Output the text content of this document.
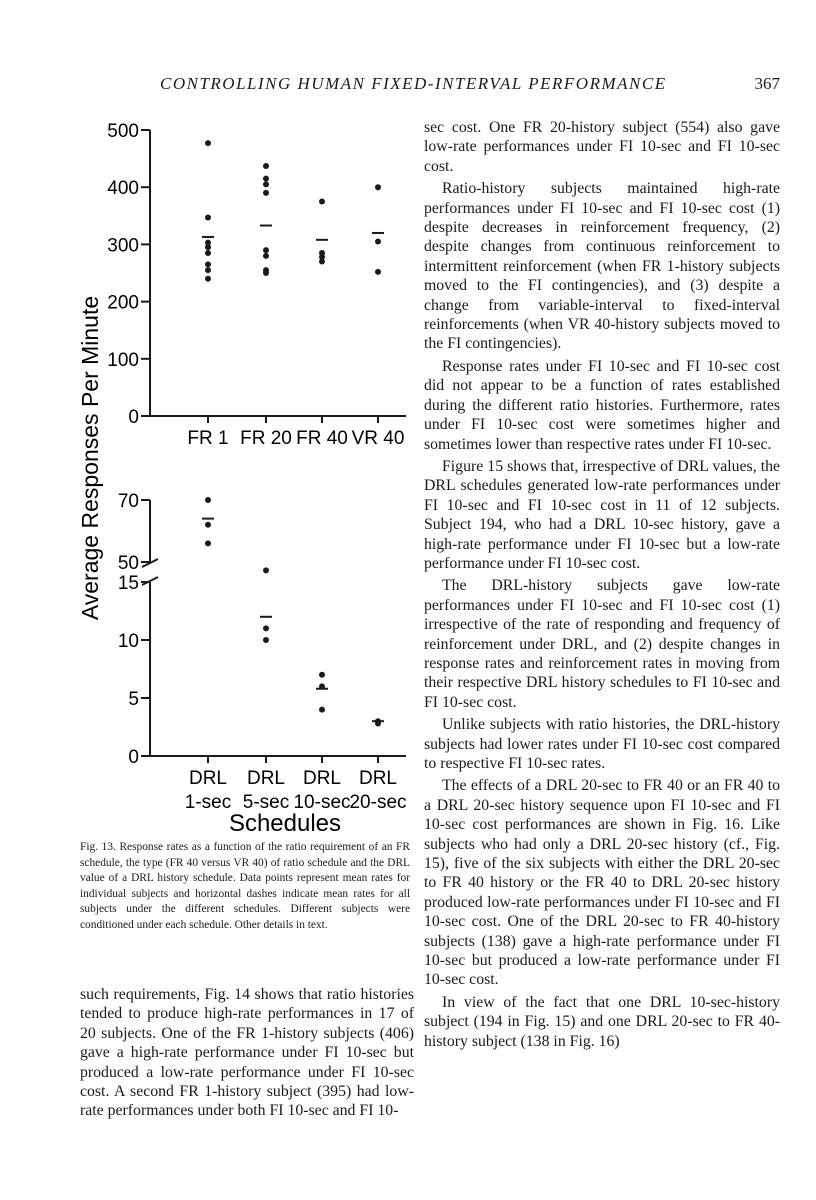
CONTROLLING HUMAN FIXED-INTERVAL PERFORMANCE	367
Average Responses Per Minute
Schedules
0
100
200
300
400
500
FR 1 FR 20 FR 40 VR 40
50
70
0
5
10
15
DRL
1-sec
DRL
5-sec
DRL
10-sec
DRL
20-sec

Fig. 13. Response rates as a function of the ratio requirement of an FR schedule, the type (FR 40 versus VR 40) of ratio schedule and the DRL value of a DRL history schedule. Data points represent mean rates for individual subjects and horizontal dashes indicate mean rates for all subjects under the different schedules. Different subjects were conditioned under each schedule. Other details in text.

sec cost. One FR 20-history subject (554) also gave low-rate performances under FI 10-sec and FI 10-sec cost.

Ratio-history subjects maintained high-rate performances under FI 10-sec and FI 10-sec cost (1) despite decreases in reinforcement frequency, (2) despite changes from continuous reinforcement to intermittent reinforcement (when FR 1-history subjects moved to the FI contingencies), and (3) despite a change from variable-interval to fixed-interval reinforcements (when VR 40-history subjects moved to the FI contingencies).

Response rates under FI 10-sec and FI 10-sec cost did not appear to be a function of rates established during the different ratio histories. Furthermore, rates under FI 10-sec cost were sometimes higher and sometimes lower than respective rates under FI 10-sec.

Figure 15 shows that, irrespective of DRL values, the DRL schedules generated low-rate performances under FI 10-sec and FI 10-sec cost in 11 of 12 subjects. Subject 194, who had a DRL 10-sec history, gave a high-rate performance under FI 10-sec but a low-rate performance under FI 10-sec cost.

The DRL-history subjects gave low-rate performances under FI 10-sec and FI 10-sec cost (1) irrespective of the rate of responding and frequency of reinforcement under DRL, and (2) despite changes in response rates and reinforcement rates in moving from their respective DRL history schedules to FI 10-sec and FI 10-sec cost.

Unlike subjects with ratio histories, the DRL-history subjects had lower rates under FI 10-sec cost compared to respective FI 10-sec rates.

The effects of a DRL 20-sec to FR 40 or an FR 40 to a DRL 20-sec history sequence upon FI 10-sec and FI 10-sec cost performances are shown in Fig. 16. Like subjects who had only a DRL 20-sec history (cf., Fig. 15), five of the six subjects with either the DRL 20-sec to FR 40 history or the FR 40 to DRL 20-sec history produced low-rate performances under FI 10-sec and FI 10-sec cost. One of the DRL 20-sec to FR 40-history subjects (138) gave a high-rate performance under FI 10-sec but produced a low-rate performance under FI 10-sec cost.

In view of the fact that one DRL 10-sec-history subject (194 in Fig. 15) and one DRL 20-sec to FR 40-history subject (138 in Fig. 16)

such requirements, Fig. 14 shows that ratio histories tended to produce high-rate performances in 17 of 20 subjects. One of the FR 1-history subjects (406) gave a high-rate performance under FI 10-sec but produced a low-rate performance under FI 10-sec cost. A second FR 1-history subject (395) had low-rate performances under both FI 10-sec and FI 10-
